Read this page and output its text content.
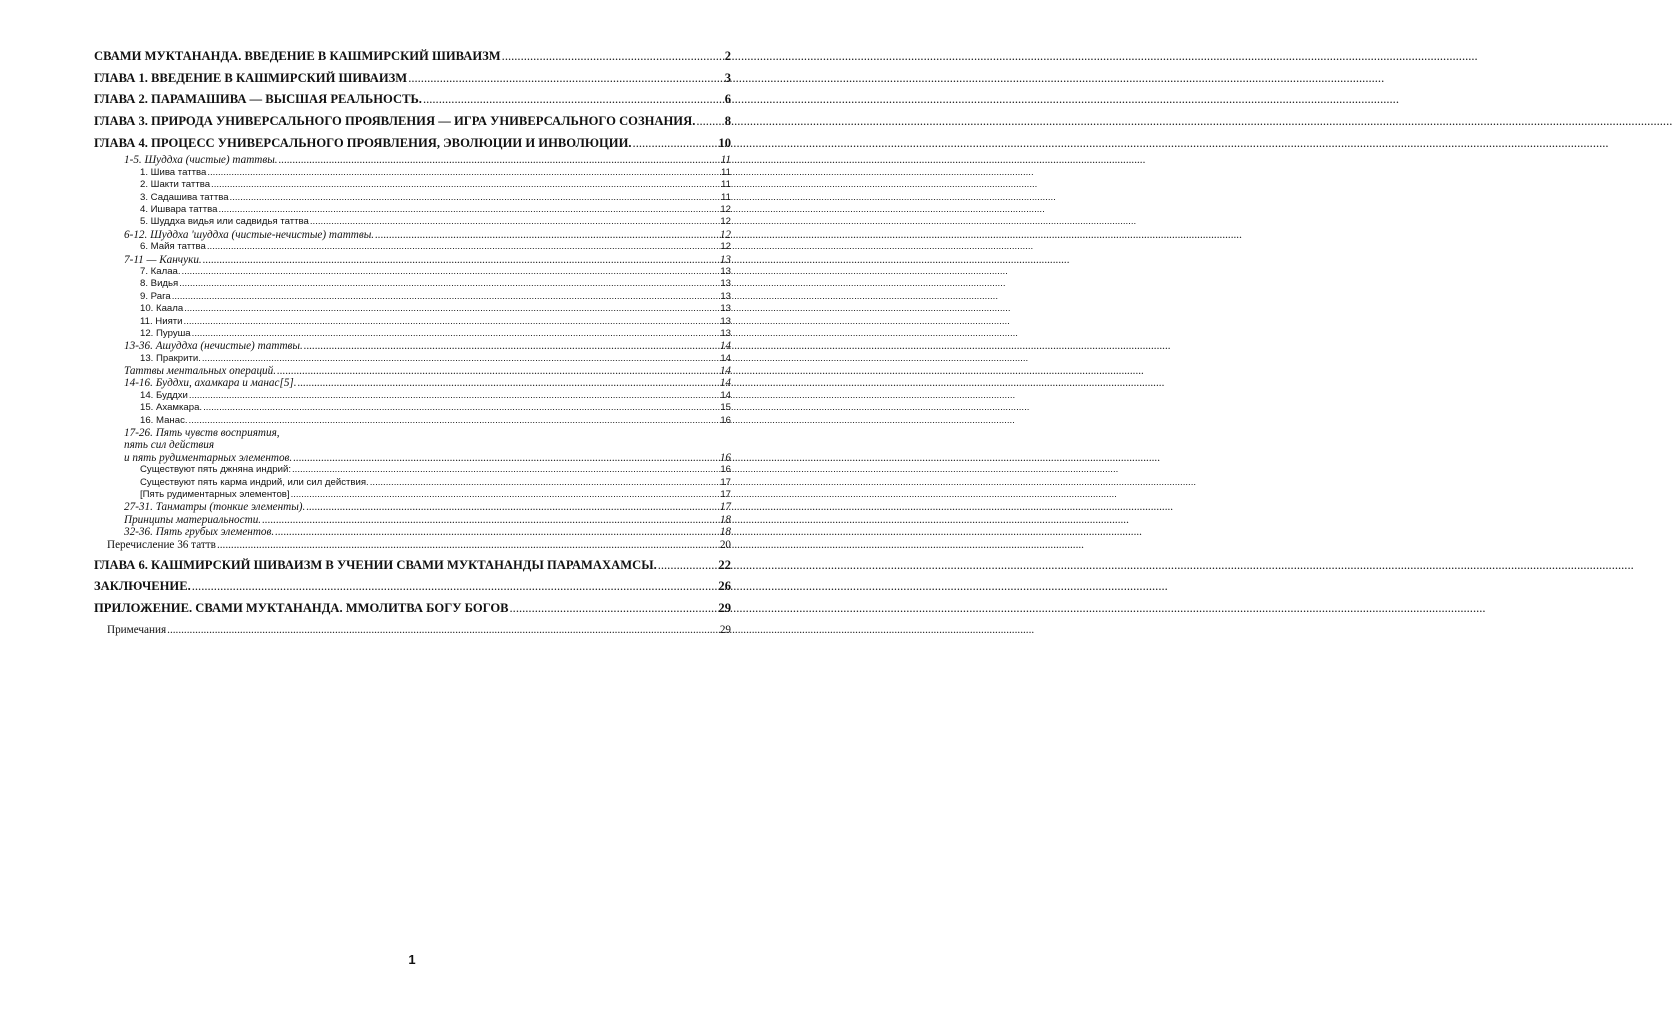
СВАМИ МУКТАНАНДА. ВВЕДЕНИЕ В КАШМИРСКИЙ ШИВАИЗМ .....	2
ГЛАВА 1. ВВЕДЕНИЕ В КАШМИРСКИЙ ШИВАИЗМ .....	3
ГЛАВА 2. ПАРАМАШИВА — ВЫСШАЯ РЕАЛЬНОСТЬ. .....	6
ГЛАВА 3. ПРИРОДА УНИВЕРСАЛЬНОГО ПРОЯВЛЕНИЯ — ИГРА УНИВЕРСАЛЬНОГО СОЗНАНИЯ. ..... 8
ГЛАВА 4. ПРОЦЕСС УНИВЕРСАЛЬНОГО ПРОЯВЛЕНИЯ, ЭВОЛЮЦИИ И ИНВОЛЮЦИИ. .....	10
1-5. Шуддха (чистые) таттвы. .....	11
1. Шива таттва .....	11
2. Шакти таттва .....	11
3. Садашива таттва .....	11
4. Ишвара таттва .....	12
5. Шуддха видья или садвидья таттва .....	12
6-12. Шуддха 'шуддха (чистые-нечистые) таттвы. .....	12
6. Майя таттва .....	12
7-11 — Канчуки. .....	13
7. Калаа. .....	13
8. Видья .....	13
9. Рага .....	13
10. Каала .....	13
11. Нияти .....	13
12. Пуруша .....	13
13-36. Ашуддха (нечистые) таттвы. .....	14
13. Пракрити. .....	14
Таттвы ментальных операций. .....	14
14-16. Буддхи, ахамкара и манас[5]. .....	14
14. Буддхи .....	14
15. Ахамкара. .....	15
16. Манас. .....	16
17-26. Пять чувств восприятия,
пять сил действия
и пять рудиментарных элементов. .....	16
Существуют пять джняна индрий: .....	16
Существуют пять карма индрий, или сил действия. .....	17
[Пять рудиментарных элементов] .....	17
27-31. Танматры (тонкие элементы). .....	17
Принципы материальности. .....	18
32-36. Пять грубых элементов. .....	18
Перечисление 36 таттв .....	20
ГЛАВА 6. КАШМИРСКИЙ ШИВАИЗМ В УЧЕНИИ СВАМИ МУКТАНАНДЫ ПАРАМАХАМСЫ. .....	22
ЗАКЛЮЧЕНИЕ. .....	26
ПРИЛОЖЕНИЕ. СВАМИ МУКТАНАНДА. ММОЛИТВА БОГУ БОГОВ .....	29
Примечания .....	29
1
